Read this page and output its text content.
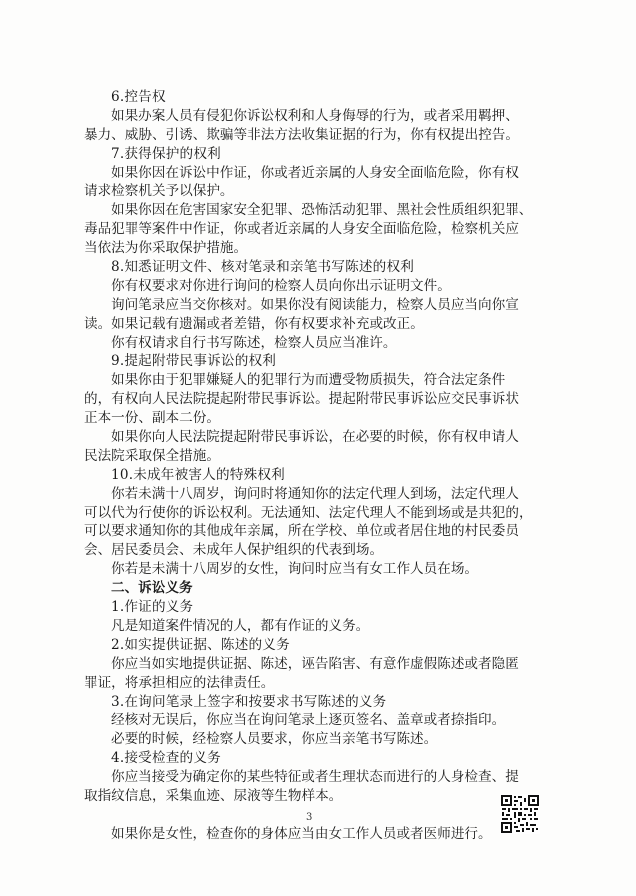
6.控告权
如果办案人员有侵犯你诉讼权利和人身侮辱的行为，或者采用羁押、
暴力、威胁、引诱、欺骗等非法方法收集证据的行为，你有权提出控告。
7.获得保护的权利
如果你因在诉讼中作证，你或者近亲属的人身安全面临危险，你有权
请求检察机关予以保护。
如果你因在危害国家安全犯罪、恐怖活动犯罪、黑社会性质组织犯罪、
毒品犯罪等案件中作证，你或者近亲属的人身安全面临危险，检察机关应
当依法为你采取保护措施。
8.知悉证明文件、核对笔录和亲笔书写陈述的权利
你有权要求对你进行询问的检察人员向你出示证明文件。
询问笔录应当交你核对。如果你没有阅读能力，检察人员应当向你宣
读。如果记载有遗漏或者差错，你有权要求补充或改正。
你有权请求自行书写陈述，检察人员应当准许。
9.提起附带民事诉讼的权利
如果你由于犯罪嫌疑人的犯罪行为而遭受物质损失，符合法定条件
的，有权向人民法院提起附带民事诉讼。提起附带民事诉讼应交民事诉状
正本一份、副本二份。
如果你向人民法院提起附带民事诉讼，在必要的时候，你有权申请人
民法院采取保全措施。
10.未成年被害人的特殊权利
你若未满十八周岁，询问时将通知你的法定代理人到场，法定代理人
可以代为行使你的诉讼权利。无法通知、法定代理人不能到场或是共犯的，
可以要求通知你的其他成年亲属，所在学校、单位或者居住地的村民委员
会、居民委员会、未成年人保护组织的代表到场。
你若是未满十八周岁的女性，询问时应当有女工作人员在场。
二、诉讼义务
1.作证的义务
凡是知道案件情况的人，都有作证的义务。
2.如实提供证据、陈述的义务
你应当如实地提供证据、陈述，诬告陷害、有意作虚假陈述或者隐匿
罪证，将承担相应的法律责任。
3.在询问笔录上签字和按要求书写陈述的义务
经核对无误后，你应当在询问笔录上逐页签名、盖章或者捺指印。
必要的时候，经检察人员要求，你应当亲笔书写陈述。
4.接受检查的义务
你应当接受为确定你的某些特征或者生理状态而进行的人身检查、提
取指纹信息，采集血迹、尿液等生物样本。
如果你是女性，检查你的身体应当由女工作人员或者医师进行。
3
